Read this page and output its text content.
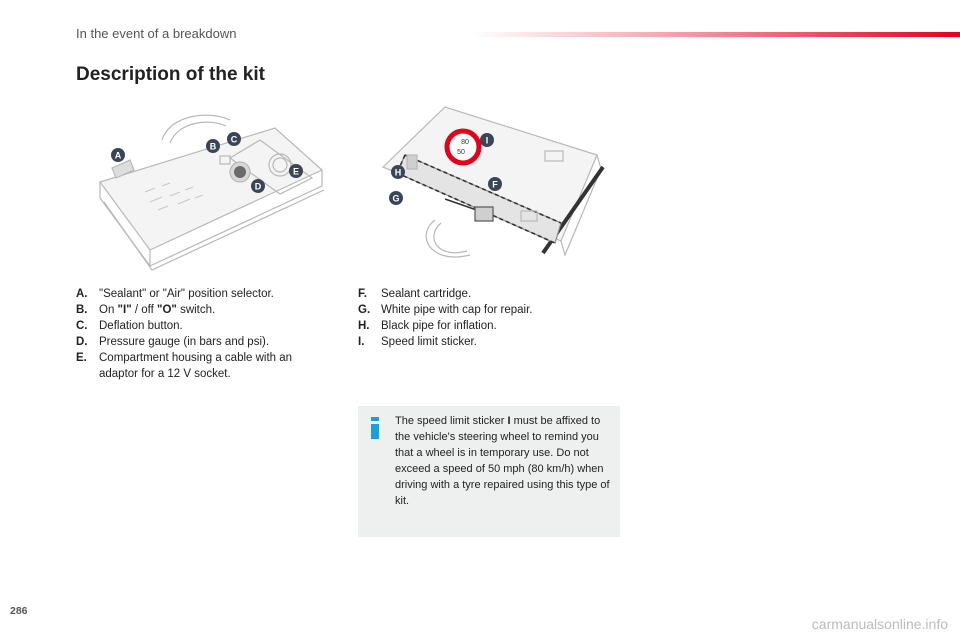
In the event of a breakdown
Description of the kit
A
B
C
D
E
80
50
I
H
F
G
A. "Sealant" or "Air" position selector.
B. On "I" / off "O" switch.
C. Deflation button.
D. Pressure gauge (in bars and psi).
E. Compartment housing a cable with an adaptor for a 12 V socket.
F. Sealant cartridge.
G. White pipe with cap for repair.
H. Black pipe for inflation.
I. Speed limit sticker.
The speed limit sticker I must be affixed to the vehicle's steering wheel to remind you that a wheel is in temporary use. Do not exceed a speed of 50 mph (80 km/h) when driving with a tyre repaired using this type of kit.
286
carmanualsonline.info
